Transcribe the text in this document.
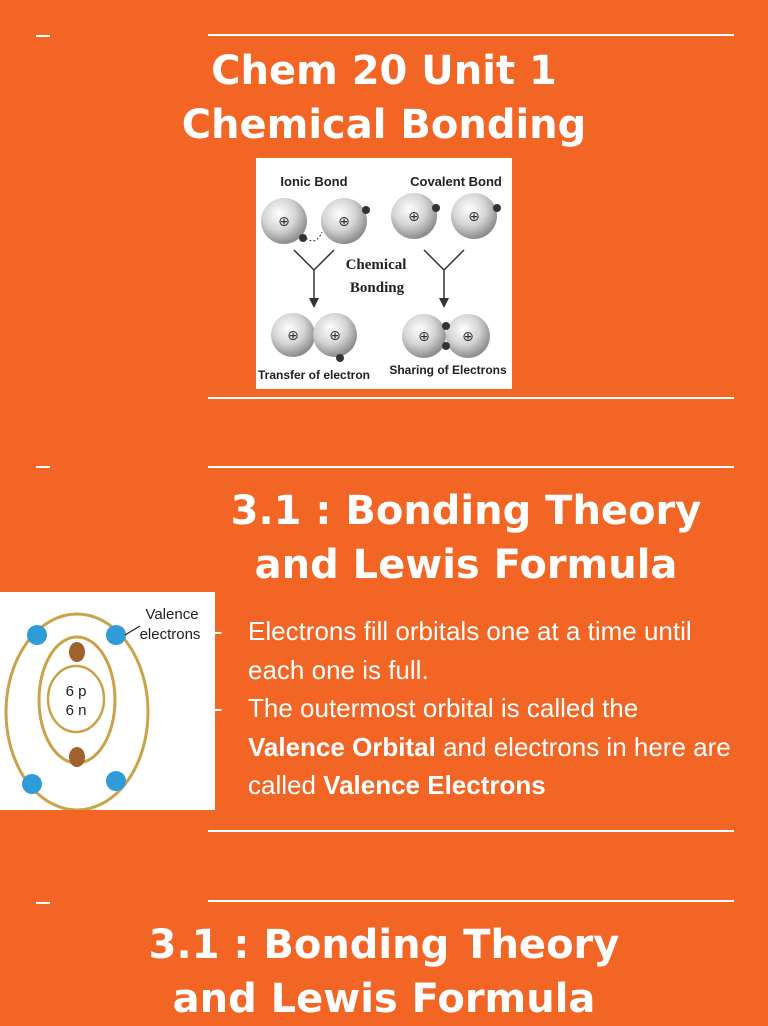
Chem 20 Unit 1
Chemical Bonding
Ionic Bond	Covalent Bond
⊕	⊕	⊕	⊕
Chemical
Bonding
⊕ ⊕	⊕ ⊕
Transfer of electron Sharing of Electrons
3.1 : Bonding Theory
and Lewis Formula
6 p
6 n
Valence
electrons - Electrons fill orbitals one at a time until each one is full.
- The outermost orbital is called the Valence Orbital and electrons in here are called Valence Electrons
3.1 : Bonding Theory
and Lewis Formula
